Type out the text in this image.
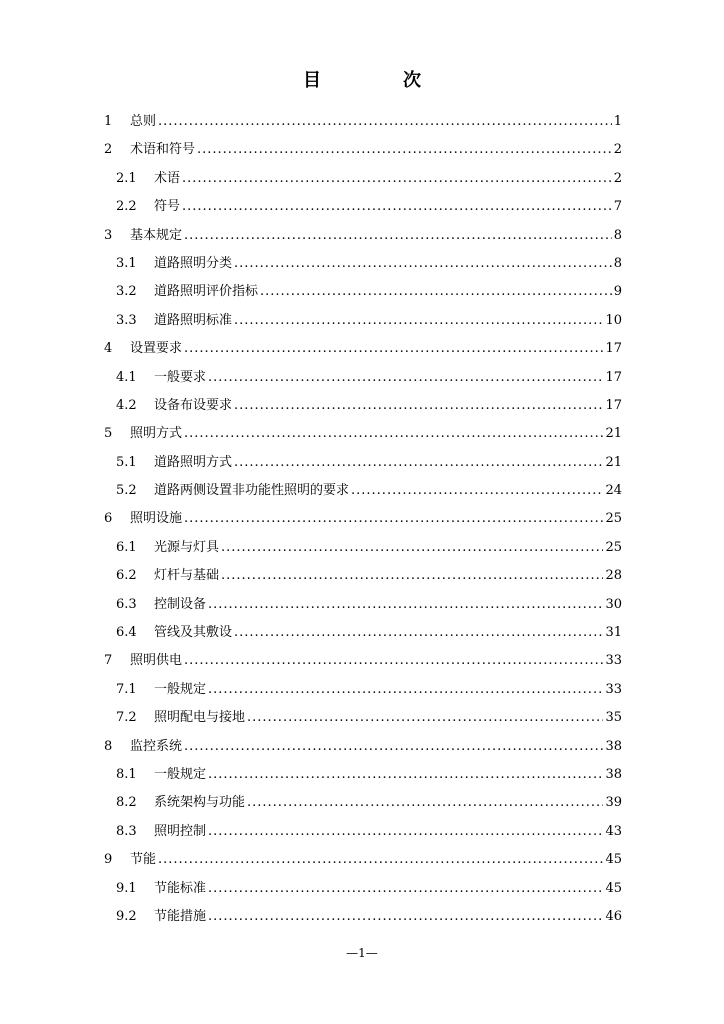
目　次
1	总则 .....	1
2	术语和符号 .....	2
2.1	术语 .....	2
2.2	符号 .....	7
3	基本规定 .....	8
3.1	道路照明分类 .....	8
3.2	道路照明评价指标 .....	9
3.3	道路照明标准 .....	10
4	设置要求 .....	17
4.1	一般要求 .....	17
4.2	设备布设要求 .....	17
5	照明方式 .....	21
5.1	道路照明方式 .....	21
5.2	道路两侧设置非功能性照明的要求 .....	24
6	照明设施 .....	25
6.1	光源与灯具 .....	25
6.2	灯杆与基础 .....	28
6.3	控制设备 .....	30
6.4	管线及其敷设 .....	31
7	照明供电 .....	33
7.1	一般规定 .....	33
7.2	照明配电与接地 .....	35
8	监控系统 .....	38
8.1	一般规定 .....	38
8.2	系统架构与功能 .....	39
8.3	照明控制 .....	43
9	节能 .....	45
9.1	节能标准 .....	45
9.2	节能措施 .....	46
—1—
